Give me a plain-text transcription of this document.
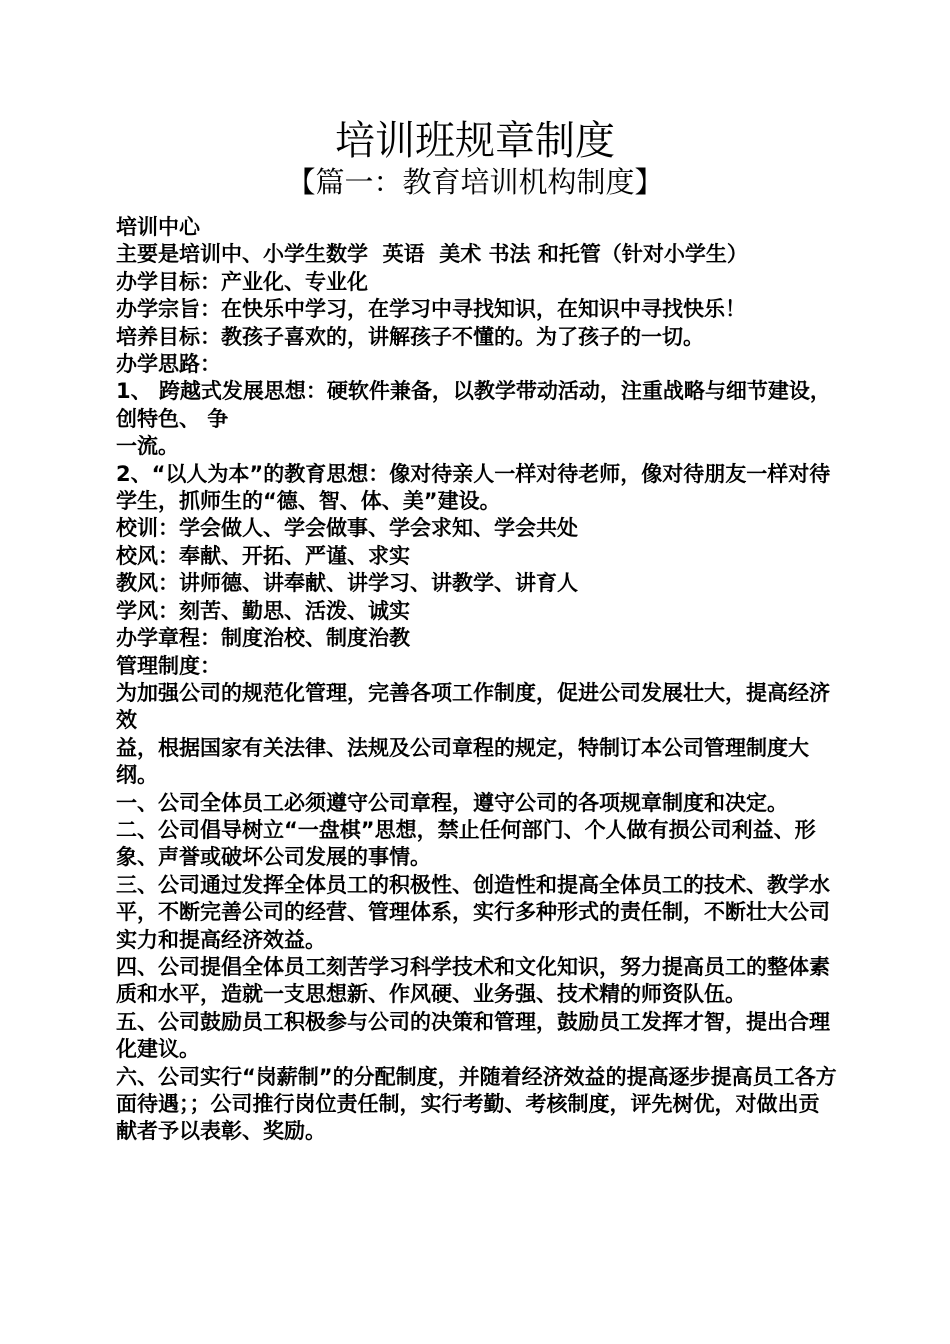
培训班规章制度
【篇一：教育培训机构制度】

培训中心

主要是培训中、小学生数学  英语  美术 书法 和托管（针对小学生）

办学目标：产业化、专业化

办学宗旨：在快乐中学习，在学习中寻找知识，在知识中寻找快乐！

培养目标：教孩子喜欢的，讲解孩子不懂的。为了孩子的一切。

办学思路：

1、 跨越式发展思想：硬软件兼备，以教学带动活动，注重战略与细节建设，创特色、 争

一流。

2、“以人为本”的教育思想：像对待亲人一样对待老师，像对待朋友一样对待学生，抓师生的“德、智、体、美”建设。

校训：学会做人、学会做事、学会求知、学会共处

校风：奉献、开拓、严谨、求实

教风：讲师德、讲奉献、讲学习、讲教学、讲育人

学风：刻苦、勤思、活泼、诚实

办学章程：制度治校、制度治教

管理制度：

为加强公司的规范化管理，完善各项工作制度，促进公司发展壮大，提高经济效

益，根据国家有关法律、法规及公司章程的规定，特制订本公司管理制度大纲。

一、公司全体员工必须遵守公司章程，遵守公司的各项规章制度和决定。

二、公司倡导树立“一盘棋”思想，禁止任何部门、个人做有损公司利益、形象、声誉或破坏公司发展的事情。

三、公司通过发挥全体员工的积极性、创造性和提高全体员工的技术、教学水平，不断完善公司的经营、管理体系，实行多种形式的责任制，不断壮大公司实力和提高经济效益。

四、公司提倡全体员工刻苦学习科学技术和文化知识，努力提高员工的整体素质和水平，造就一支思想新、作风硬、业务强、技术精的师资队伍。

五、公司鼓励员工积极参与公司的决策和管理，鼓励员工发挥才智，提出合理化建议。

六、公司实行“岗薪制”的分配制度，并随着经济效益的提高逐步提高员工各方面待遇；；公司推行岗位责任制，实行考勤、考核制度，评先树优，对做出贡献者予以表彰、奖励。
